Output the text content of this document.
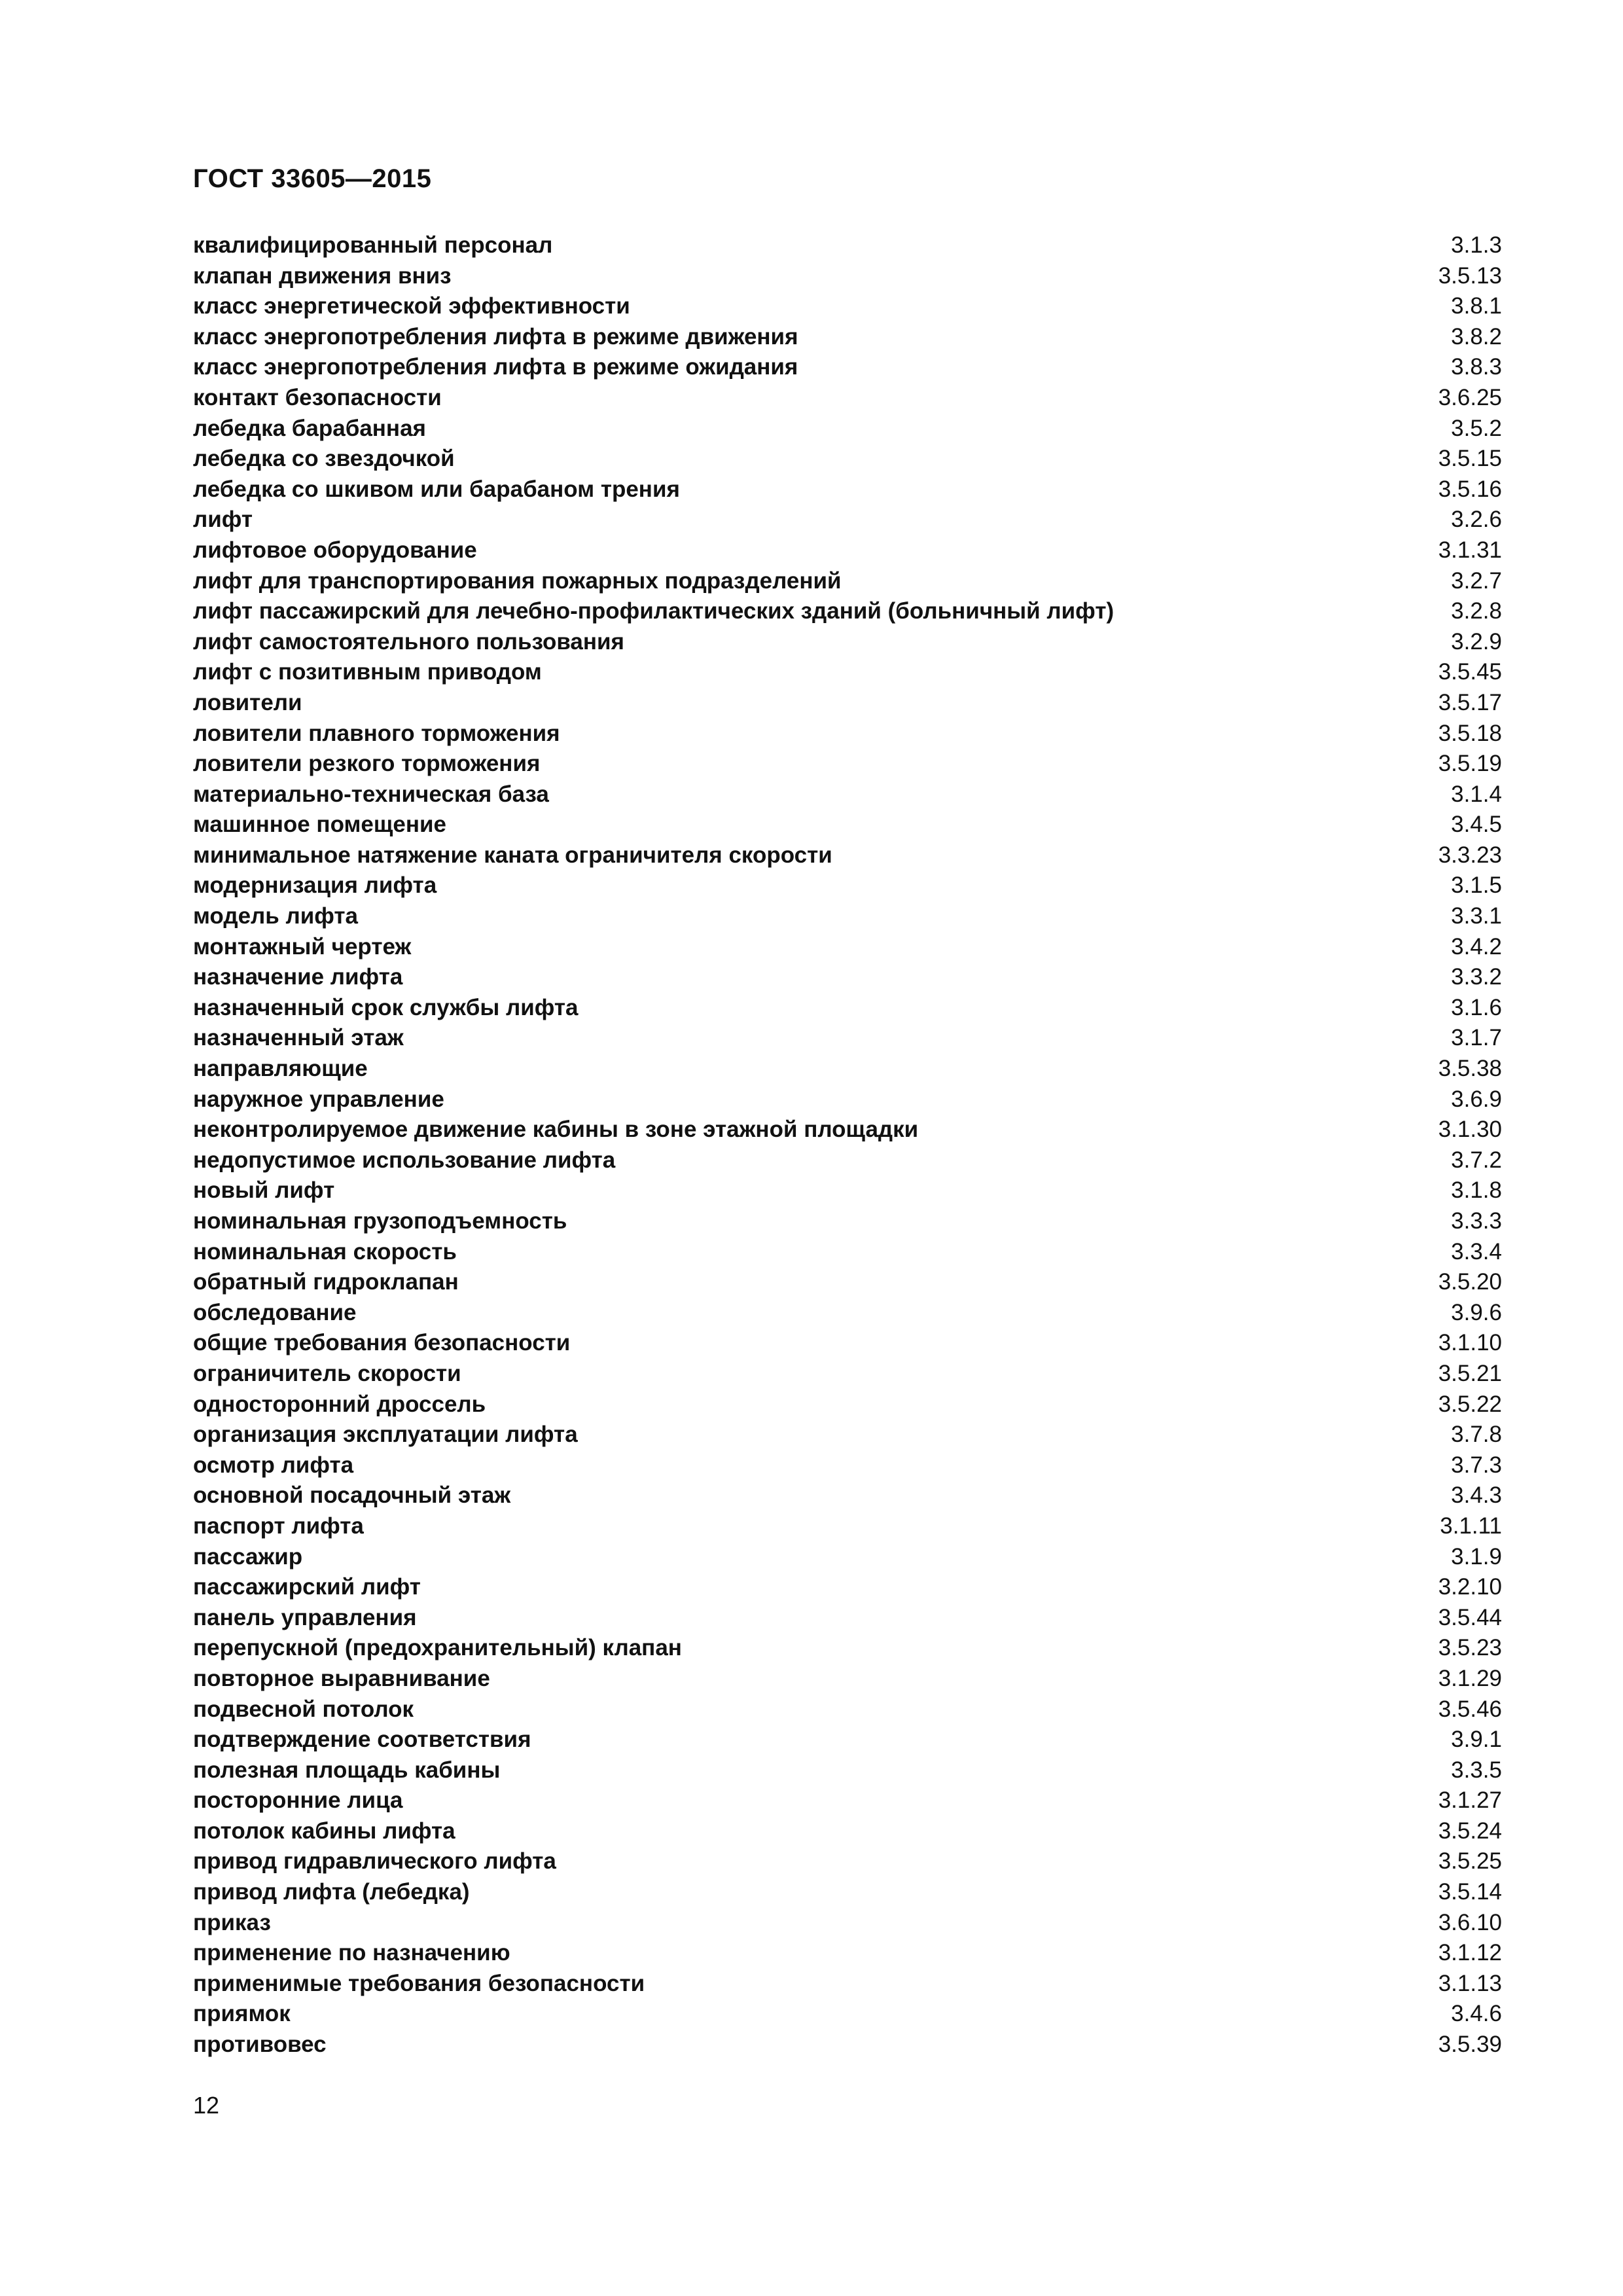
ГОСТ 33605—2015
квалифицированный персонал	3.1.3
клапан движения вниз	3.5.13
класс энергетической эффективности	3.8.1
класс энергопотребления лифта в режиме движения	3.8.2
класс энергопотребления лифта в режиме ожидания	3.8.3
контакт безопасности	3.6.25
лебедка барабанная	3.5.2
лебедка со звездочкой	3.5.15
лебедка со шкивом или барабаном трения	3.5.16
лифт	3.2.6
лифтовое оборудование	3.1.31
лифт для транспортирования пожарных подразделений	3.2.7
лифт пассажирский для лечебно-профилактических зданий (больничный лифт)	3.2.8
лифт самостоятельного пользования	3.2.9
лифт с позитивным приводом	3.5.45
ловители	3.5.17
ловители плавного торможения	3.5.18
ловители резкого торможения	3.5.19
материально-техническая база	3.1.4
машинное помещение	3.4.5
минимальное натяжение каната ограничителя скорости	3.3.23
модернизация лифта	3.1.5
модель лифта	3.3.1
монтажный чертеж	3.4.2
назначение лифта	3.3.2
назначенный срок службы лифта	3.1.6
назначенный этаж	3.1.7
направляющие	3.5.38
наружное управление	3.6.9
неконтролируемое движение кабины в зоне этажной площадки	3.1.30
недопустимое использование лифта	3.7.2
новый лифт	3.1.8
номинальная грузоподъемность	3.3.3
номинальная скорость	3.3.4
обратный гидроклапан	3.5.20
обследование	3.9.6
общие требования безопасности	3.1.10
ограничитель скорости	3.5.21
односторонний дроссель	3.5.22
организация эксплуатации лифта	3.7.8
осмотр лифта	3.7.3
основной посадочный этаж	3.4.3
паспорт лифта	3.1.11
пассажир	3.1.9
пассажирский лифт	3.2.10
панель управления	3.5.44
перепускной (предохранительный) клапан	3.5.23
повторное выравнивание	3.1.29
подвесной потолок	3.5.46
подтверждение соответствия	3.9.1
полезная площадь кабины	3.3.5
посторонние лица	3.1.27
потолок кабины лифта	3.5.24
привод гидравлического лифта	3.5.25
привод лифта (лебедка)	3.5.14
приказ	3.6.10
применение по назначению	3.1.12
применимые требования безопасности	3.1.13
приямок	3.4.6
противовес	3.5.39
12
